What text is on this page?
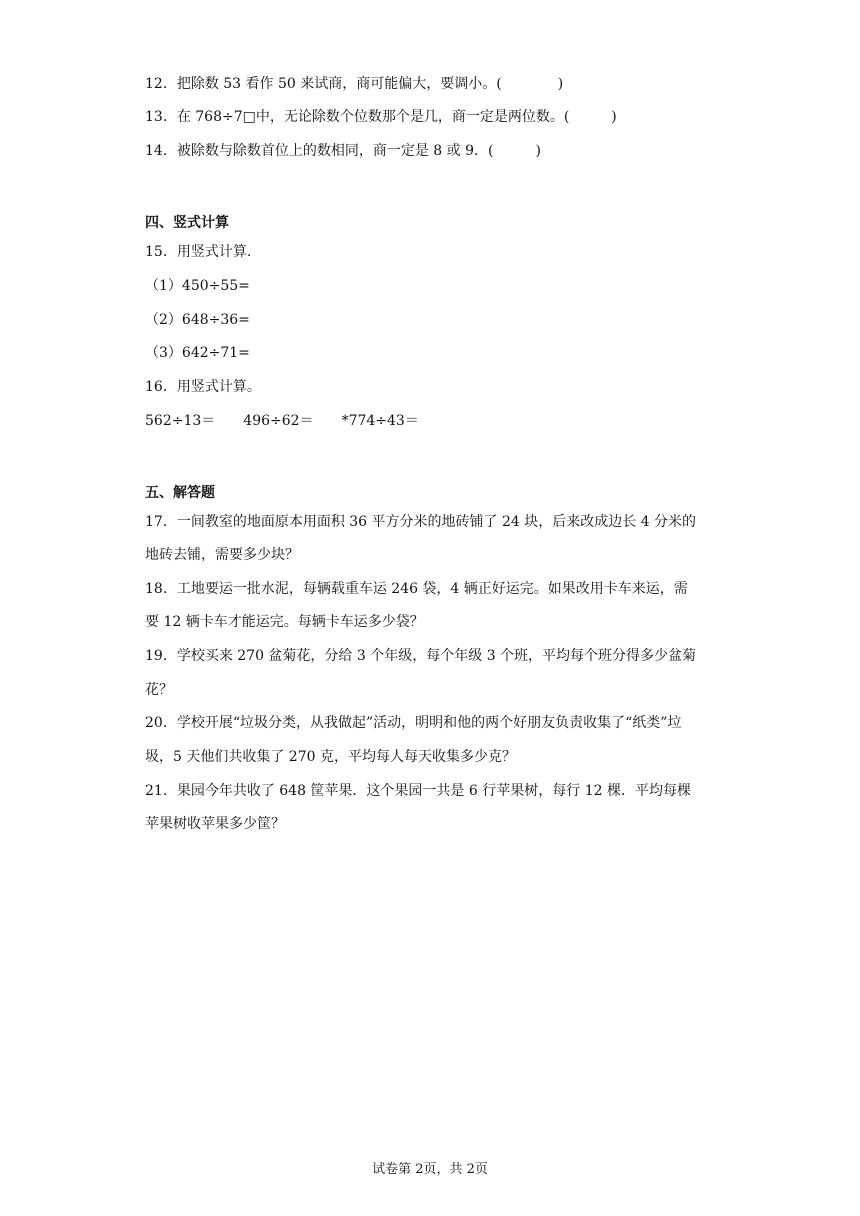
12．把除数 53 看作 50 来试商，商可能偏大，要调小。(　　　　)
13．在 768÷7□中，无论除数个位数那个是几，商一定是两位数。(　　　)
14．被除数与除数首位上的数相同，商一定是 8 或 9．(　　　)
四、竖式计算
15．用竖式计算.
（1）450÷55=
（2）648÷36=
（3）642÷71=
16．用竖式计算。
562÷13＝ 496÷62＝ *774÷43＝
五、解答题
17．一间教室的地面原本用面积 36 平方分米的地砖铺了 24 块，后来改成边长 4 分米的
地砖去铺，需要多少块？
18．工地要运一批水泥，每辆载重车运 246 袋，4 辆正好运完。如果改用卡车来运，需
要 12 辆卡车才能运完。每辆卡车运多少袋？
19．学校买来 270 盆菊花，分给 3 个年级，每个年级 3 个班，平均每个班分得多少盆菊
花？
20．学校开展“垃圾分类，从我做起”活动，明明和他的两个好朋友负责收集了“纸类”垃
圾，5 天他们共收集了 270 克，平均每人每天收集多少克？
21．果园今年共收了 648 筐苹果．这个果园一共是 6 行苹果树，每行 12 棵．平均每棵
苹果树收苹果多少筐？
试卷第 2页，共 2页
